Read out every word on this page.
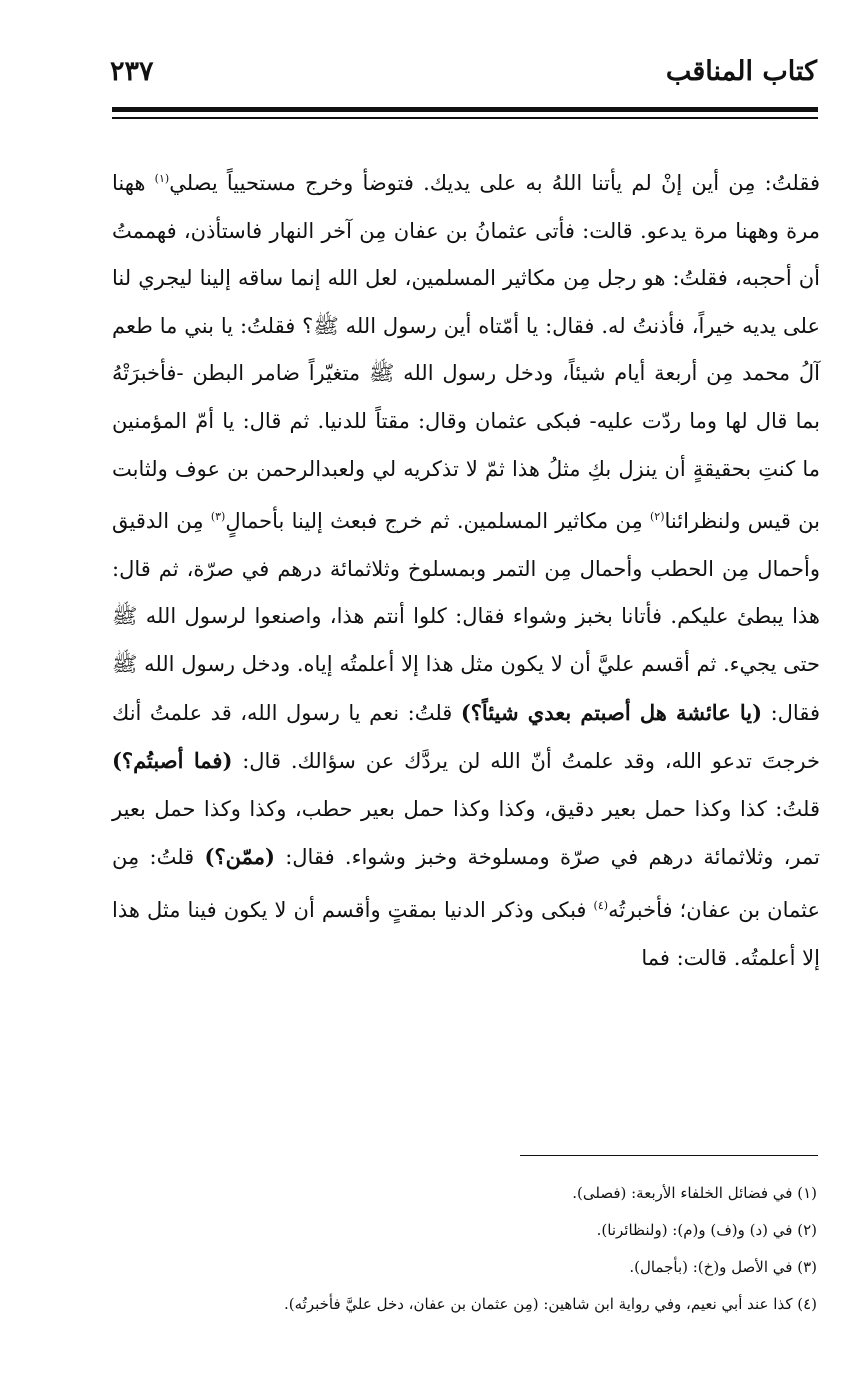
كتاب المناقب
٢٣٧

فقلتُ: مِن أين إنْ لم يأتنا اللهُ به على يديك. فتوضأ وخرج مستحيياً يصلي$^{(١)}$ ههنا مرة وههنا مرة يدعو. قالت: فأتى عثمانُ بن عفان مِن آخر النهار فاستأذن، فهممتُ أن أحجبه، فقلتُ: هو رجل مِن مكاثير المسلمين، لعل الله إنما ساقه إلينا ليجري لنا على يديه خيراً، فأذنتُ له. فقال: يا أمّتاه أين رسول الله ﷺ؟ فقلتُ: يا بني ما طعم آلُ محمد مِن أربعة أيام شيئاً، ودخل رسول الله ﷺ متغيّراً ضامر البطن -فأخبرَتْهُ بما قال لها وما ردّت عليه- فبكى عثمان وقال: مقتاً للدنيا. ثم قال: يا أمّ المؤمنين ما كنتِ بحقيقةٍ أن ينزل بكِ مثلُ هذا ثمّ لا تذكريه لي ولعبدالرحمن بن عوف ولثابت بن قيس ولنظرائنا$^{(٢)}$ مِن مكاثير المسلمين. ثم خرج فبعث إلينا بأحمالٍ$^{(٣)}$ مِن الدقيق وأحمال مِن الحطب وأحمال مِن التمر وبمسلوخ وثلاثمائة درهم في صرّة، ثم قال: هذا يبطئ عليكم. فأتانا بخبز وشواء فقال: كلوا أنتم هذا، واصنعوا لرسول الله ﷺ حتى يجيء. ثم أقسم عليَّ أن لا يكون مثل هذا إلا أعلمتُه إياه. ودخل رسول الله ﷺ فقال: (يا عائشة هل أصبتم بعدي شيئاً؟) قلتُ: نعم يا رسول الله، قد علمتُ أنك خرجتَ تدعو الله، وقد علمتُ أنّ الله لن يردَّك عن سؤالك. قال: (فما أصبتُم؟) قلتُ: كذا وكذا حمل بعير دقيق، وكذا وكذا حمل بعير حطب، وكذا وكذا حمل بعير تمر، وثلاثمائة درهم في صرّة ومسلوخة وخبز وشواء. فقال: (ممّن؟) قلتُ: مِن عثمان بن عفان؛ فأخبرتُه$^{(٤)}$ فبكى وذكر الدنيا بمقتٍ وأقسم أن لا يكون فينا مثل هذا إلا أعلمتُه. قالت: فما

(١) في فضائل الخلفاء الأربعة: (فصلى).
(٢) في (د) و(ف) و(م): (ولنظائرنا).
(٣) في الأصل و(خ): (بأجمال).
(٤) كذا عند أبي نعيم، وفي رواية ابن شاهين: (مِن عثمان بن عفان، دخل عليَّ فأخبرتُه).
